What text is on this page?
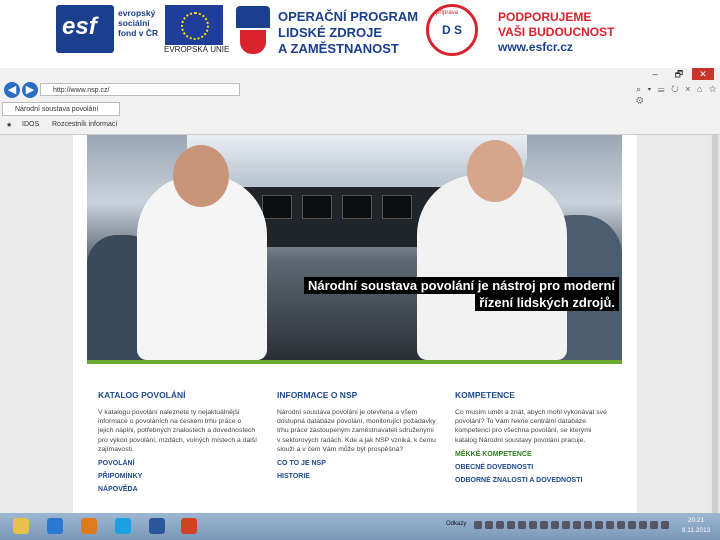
esf	evropský
sociální
fond v ČR
EVROPSKÁ UNIE
OPERAČNÍ PROGRAM
LIDSKÉ ZDROJE
A ZAMĚSTNANOST
D S
příprava	PODPORUJEME
VAŠI BUDOUCNOST
www.esfcr.cz
–	🗗	✕
◀ ▶	http://www.nsp.cz/	⌕ ▾ ☰ ↻ × ⌂ ☆ ⚙
Národní soustava povolání
★ IDOS Rozcestník informací
Národní soustava povolání je nástroj pro moderní
řízení lidských zdrojů.
KATALOG POVOLÁNÍ

V katalogu povolání naleznete ty nejaktuálnější informace o povoláních na českém trhu práce o jejich náplni, potřebných znalostech a dovednostech pro výkon povolání, mzdách, volných místech a další zajímavosti.

POVOLÁNÍ
PŘIPOMÍNKY
NÁPOVĚDA
INFORMACE O NSP

Národní soustava povolání je otevřena a všem dostupná databáze povolání, monitorující požadavky trhu práce zastoupeným zaměstnavateli sdruženými v sektorových radách. Kde a jak NSP vzniká, k čemu slouží a v čem Vám může být prospěšná?

CO TO JE NSP
HISTORIE
KOMPETENCE

Co musím umět a znát, abych mohl vykonávat své povolání? To Vám řekne centrální databáze kompetencí pro všechna povolání, se kterými katalog Národní soustavy povolání pracuje.

MĚKKÉ KOMPETENCE
OBECNÉ DOVEDNOSTI
ODBORNÉ ZNALOSTI A DOVEDNOSTI
Odkazy	20:21
9.11.2013
